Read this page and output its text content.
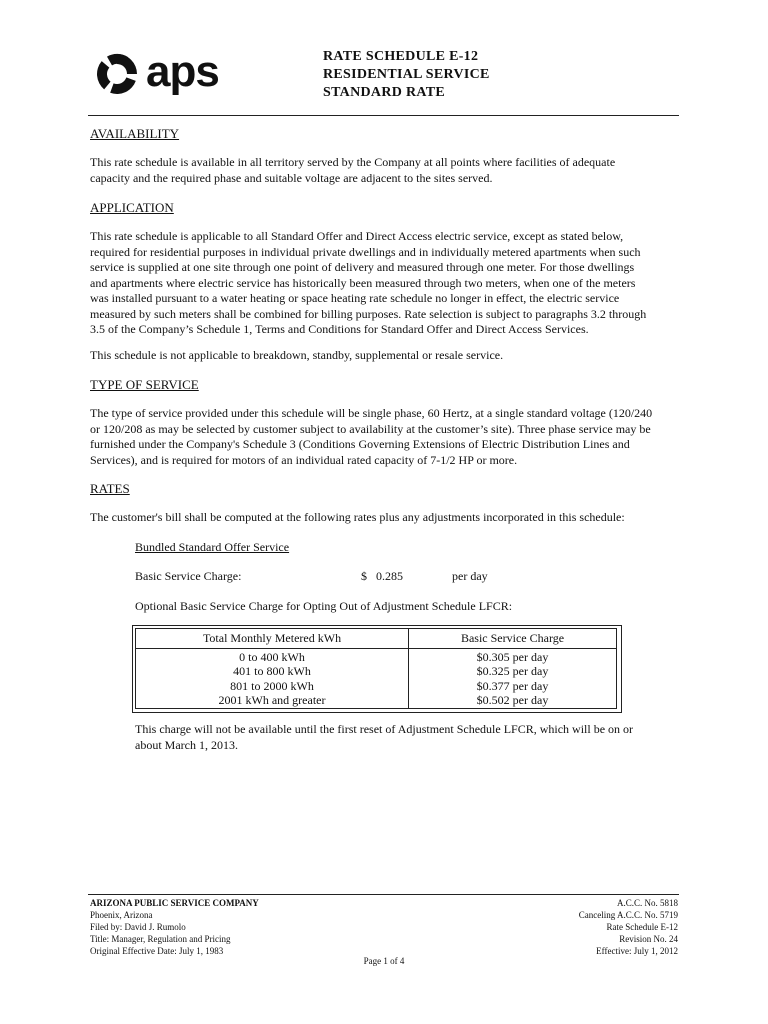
aps	RATE SCHEDULE E-12
RESIDENTIAL SERVICE
STANDARD RATE
AVAILABILITY
This rate schedule is available in all territory served by the Company at all points where facilities of adequate
capacity and the required phase and suitable voltage are adjacent to the sites served.
APPLICATION
This rate schedule is applicable to all Standard Offer and Direct Access electric service, except as stated below,
required for residential purposes in individual private dwellings and in individually metered apartments when such
service is supplied at one site through one point of delivery and measured through one meter. For those dwellings
and apartments where electric service has historically been measured through two meters, when one of the meters
was installed pursuant to a water heating or space heating rate schedule no longer in effect, the electric service
measured by such meters shall be combined for billing purposes. Rate selection is subject to paragraphs 3.2 through
3.5 of the Company’s Schedule 1, Terms and Conditions for Standard Offer and Direct Access Services.
This schedule is not applicable to breakdown, standby, supplemental or resale service.
TYPE OF SERVICE
The type of service provided under this schedule will be single phase, 60 Hertz, at a single standard voltage (120/240
or 120/208 as may be selected by customer subject to availability at the customer’s site). Three phase service may be
furnished under the Company's Schedule 3 (Conditions Governing Extensions of Electric Distribution Lines and
Services), and is required for motors of an individual rated capacity of 7-1/2 HP or more.
RATES
The customer's bill shall be computed at the following rates plus any adjustments incorporated in this schedule:
Bundled Standard Offer Service
Basic Service Charge:	$ 0.285	per day
Optional Basic Service Charge for Opting Out of Adjustment Schedule LFCR:
Total Monthly Metered kWh	Basic Service Charge
0 to 400 kWh	$0.305 per day
401 to 800 kWh	$0.325 per day
801 to 2000 kWh	$0.377 per day
2001 kWh and greater	$0.502 per day
This charge will not be available until the first reset of Adjustment Schedule LFCR, which will be on or
about March 1, 2013.
ARIZONA PUBLIC SERVICE COMPANY
Phoenix, Arizona
Filed by: David J. Rumolo
Title: Manager, Regulation and Pricing
Original Effective Date: July 1, 1983
A.C.C. No. 5818
Canceling A.C.C. No. 5719
Rate Schedule E-12
Revision No. 24
Effective: July 1, 2012
Page 1 of 4
